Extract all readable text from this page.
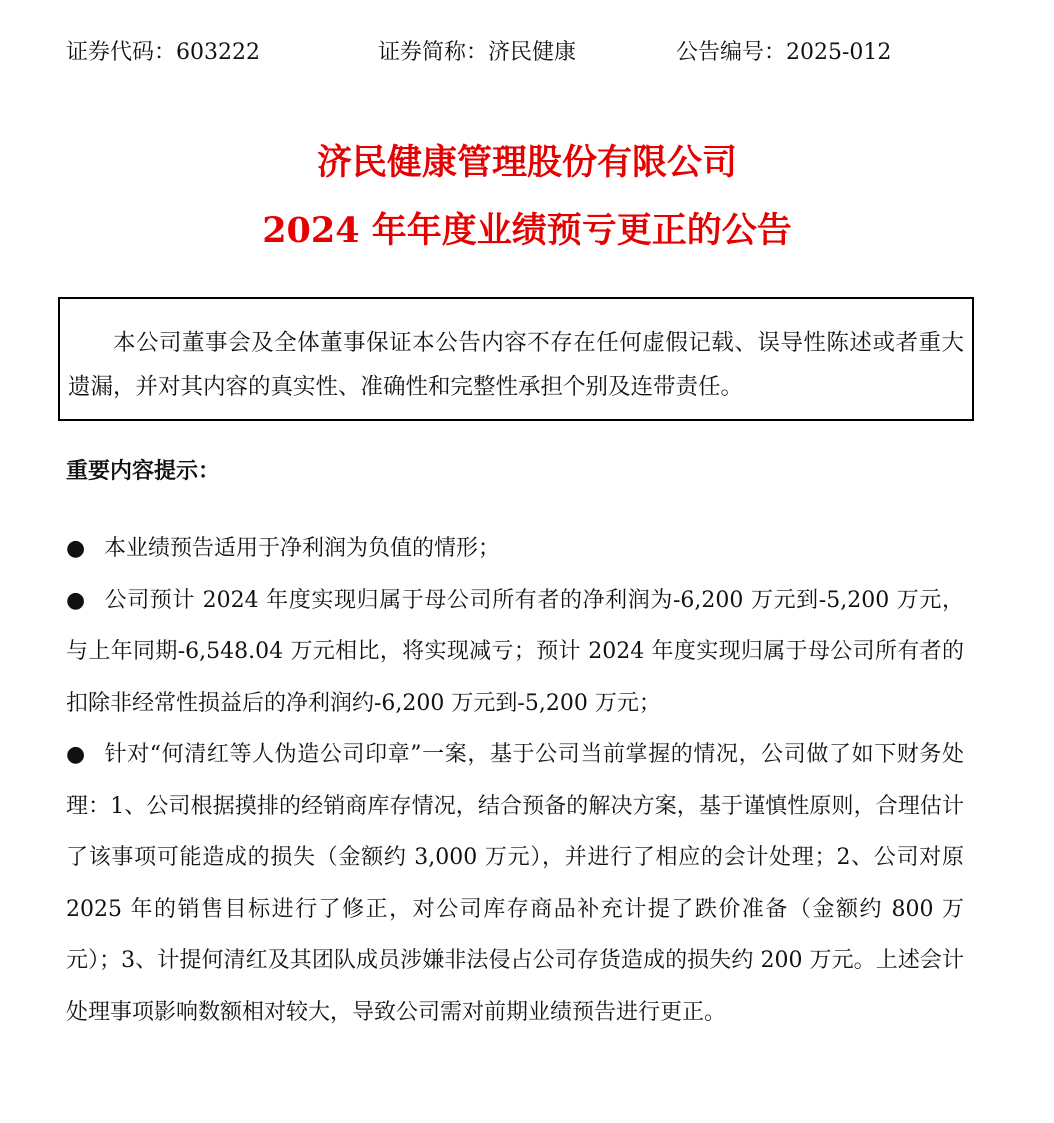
证券代码：603222	证券简称：济民健康	公告编号：2025-012
济民健康管理股份有限公司
2024 年年度业绩预亏更正的公告

本公司董事会及全体董事保证本公告内容不存在任何虚假记载、误导性陈述或者重大遗漏，并对其内容的真实性、准确性和完整性承担个别及连带责任。

重要内容提示：

● 本业绩预告适用于净利润为负值的情形；

● 公司预计 2024 年度实现归属于母公司所有者的净利润为-6,200 万元到-5,200 万元，与上年同期-6,548.04 万元相比，将实现减亏；预计 2024 年度实现归属于母公司所有者的扣除非经常性损益后的净利润约-6,200 万元到-5,200 万元；

● 针对“何清红等人伪造公司印章”一案，基于公司当前掌握的情况，公司做了如下财务处理：1、公司根据摸排的经销商库存情况，结合预备的解决方案，基于谨慎性原则，合理估计了该事项可能造成的损失（金额约 3,000 万元），并进行了相应的会计处理；2、公司对原 2025 年的销售目标进行了修正，对公司库存商品补充计提了跌价准备（金额约 800 万元）；3、计提何清红及其团队成员涉嫌非法侵占公司存货造成的损失约 200 万元。上述会计处理事项影响数额相对较大，导致公司需对前期业绩预告进行更正。
